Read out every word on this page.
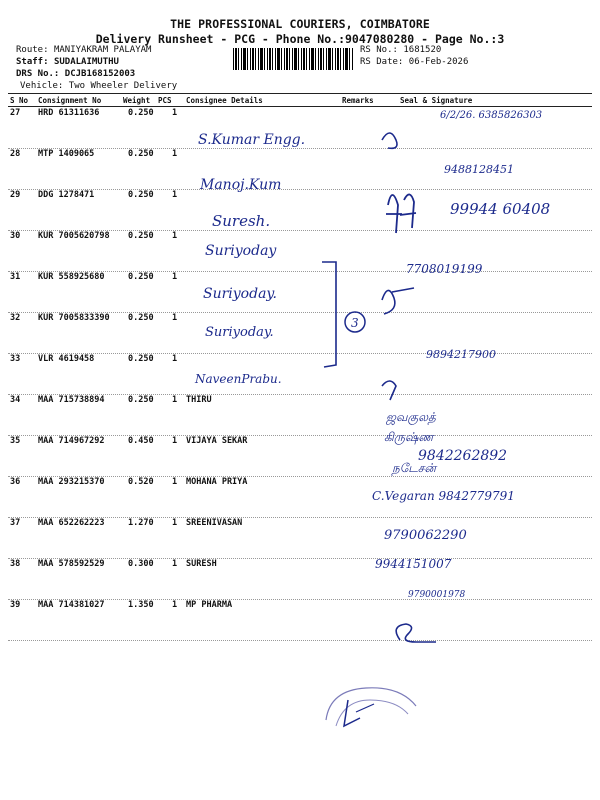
THE PROFESSIONAL COURIERS, COIMBATORE
Delivery Runsheet - PCG - Phone No.:9047080280 - Page No.:3
Route: MANIYAKRAM PALAYAM
Staff: SUDALAIMUTHU
DRS No.: DCJB168152003
Vehicle: Two Wheeler Delivery
RS No.: 1681520
RS Date: 06-Feb-2026
S No Consignment No	Weight PCS Consignee Details	Remarks	Seal & Signature
27 HRD 61311636	0.250 1
28 MTP 1409065	0.250 1
29 DDG 1278471	0.250 1
30 KUR 7005620798 0.250 1
31 KUR 558925680	0.250 1
32 KUR 7005833390 0.250 1
33 VLR 4619458	0.250 1
34 MAA 715738894	0.250 1 THIRU
35 MAA 714967292	0.450 1 VIJAYA SEKAR
36 MAA 293215370	0.520 1 MOHANA PRIYA
37 MAA 652262223	1.270 1 SREENIVASAN
38 MAA 578592529	0.300 1 SURESH
39 MAA 714381027	1.350 1 MP PHARMA
3
ஜவகுலத்
கிருஷ்ண
நடேசன்
S.Kumar Engg.
6/2/26. 6385826303
Manoj.Kum
9488128451
Suresh.
99944 60408
Suriyoday
Suriyoday.
7708019199
Suriyoday.
NaveenPrabu.
9894217900
9842262892
C.Vegaran 9842779791
9790062290
9944151007
9790001978
